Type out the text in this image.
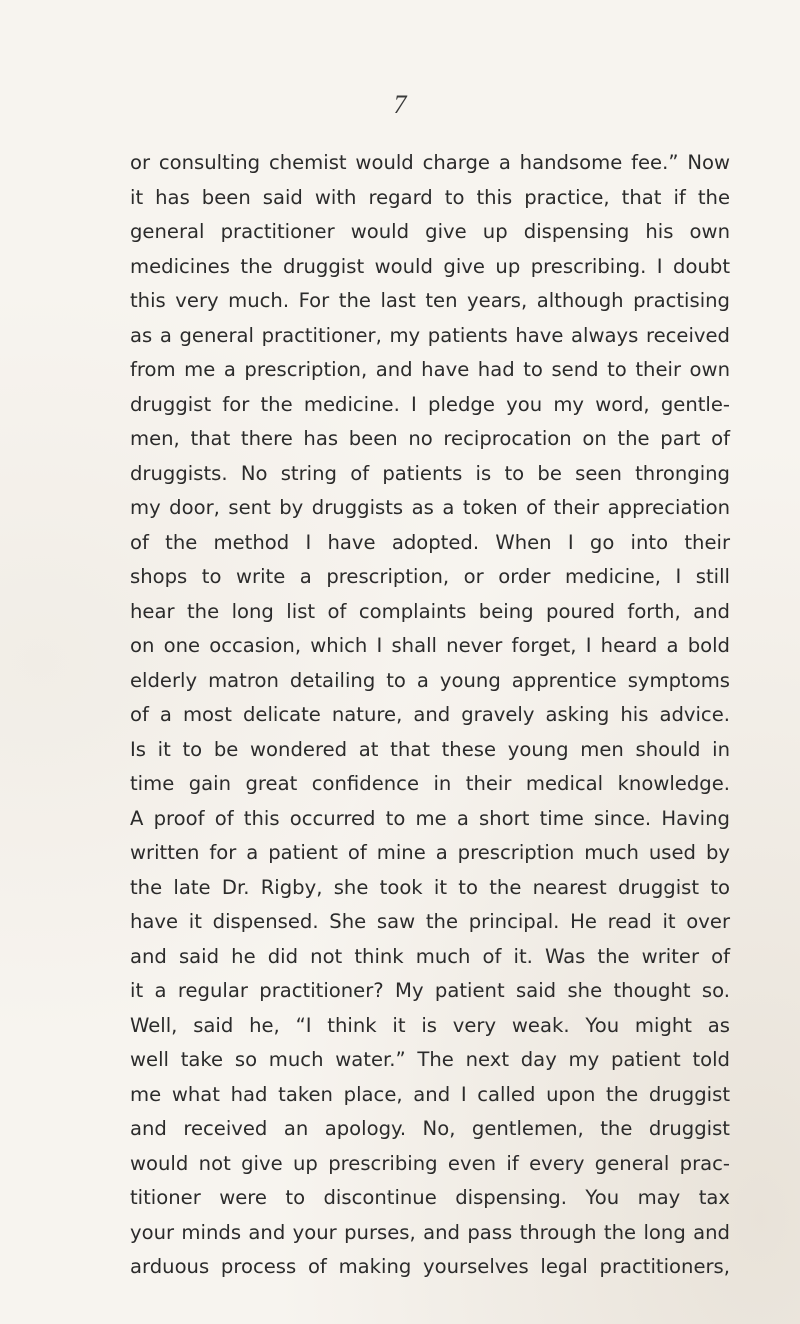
7

or consulting chemist would charge a handsome fee.” Now
it has been said with regard to this practice, that if the
general practitioner would give up dispensing his own
medicines the druggist would give up prescribing. I doubt
this very much. For the last ten years, although practising
as a general practitioner, my patients have always received
from me a prescription, and have had to send to their own
druggist for the medicine. I pledge you my word, gentle-
men, that there has been no reciprocation on the part of
druggists. No string of patients is to be seen thronging
my door, sent by druggists as a token of their appreciation
of the method I have adopted. When I go into their
shops to write a prescription, or order medicine, I still
hear the long list of complaints being poured forth, and
on one occasion, which I shall never forget, I heard a bold
elderly matron detailing to a young apprentice symptoms
of a most delicate nature, and gravely asking his advice.
Is it to be wondered at that these young men should in
time gain great confidence in their medical knowledge.
A proof of this occurred to me a short time since. Having
written for a patient of mine a prescription much used by
the late Dr. Rigby, she took it to the nearest druggist to
have it dispensed. She saw the principal. He read it over
and said he did not think much of it. Was the writer of
it a regular practitioner? My patient said she thought so.
Well, said he, “I think it is very weak. You might as
well take so much water.” The next day my patient told
me what had taken place, and I called upon the druggist
and received an apology. No, gentlemen, the druggist
would not give up prescribing even if every general prac-
titioner were to discontinue dispensing. You may tax
your minds and your purses, and pass through the long and
arduous process of making yourselves legal practitioners,
